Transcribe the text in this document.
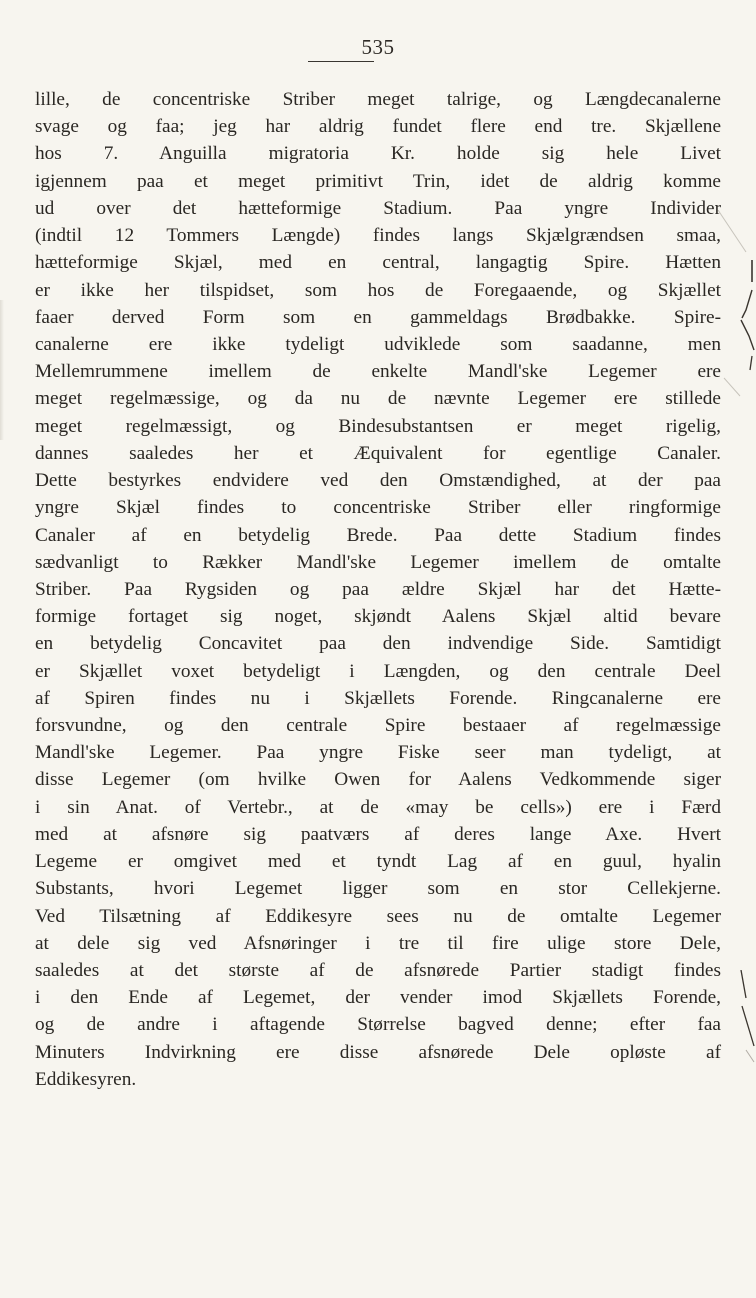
535
lille, de concentriske Striber meget talrige, og Længdecanalerne
svage og faa; jeg har aldrig fundet flere end tre. Skjællene
hos 7. Anguilla migratoria Kr. holde sig hele Livet
igjennem paa et meget primitivt Trin, idet de aldrig komme
ud over det hætteformige Stadium. Paa yngre Individer
(indtil 12 Tommers Længde) findes langs Skjælgrændsen smaa,
hætteformige Skjæl, med en central, langagtig Spire. Hætten
er ikke her tilspidset, som hos de Foregaaende, og Skjællet
faaer derved Form som en gammeldags Brødbakke. Spire-
canalerne ere ikke tydeligt udviklede som saadanne, men
Mellemrummene imellem de enkelte Mandl'ske Legemer ere
meget regelmæssige, og da nu de nævnte Legemer ere stillede
meget regelmæssigt, og Bindesubstantsen er meget rigelig,
dannes saaledes her et Æquivalent for egentlige Canaler.
Dette bestyrkes endvidere ved den Omstændighed, at der paa
yngre Skjæl findes to concentriske Striber eller ringformige
Canaler af en betydelig Brede. Paa dette Stadium findes
sædvanligt to Rækker Mandl'ske Legemer imellem de omtalte
Striber. Paa Rygsiden og paa ældre Skjæl har det Hætte-
formige fortaget sig noget, skjøndt Aalens Skjæl altid bevare
en betydelig Concavitet paa den indvendige Side. Samtidigt
er Skjællet voxet betydeligt i Længden, og den centrale Deel
af Spiren findes nu i Skjællets Forende. Ringcanalerne ere
forsvundne, og den centrale Spire bestaaer af regelmæssige
Mandl'ske Legemer. Paa yngre Fiske seer man tydeligt, at
disse Legemer (om hvilke Owen for Aalens Vedkommende siger
i sin Anat. of Vertebr., at de «may be cells») ere i Færd
med at afsnøre sig paatværs af deres lange Axe. Hvert
Legeme er omgivet med et tyndt Lag af en guul, hyalin
Substants, hvori Legemet ligger som en stor Cellekjerne.
Ved Tilsætning af Eddikesyre sees nu de omtalte Legemer
at dele sig ved Afsnøringer i tre til fire ulige store Dele,
saaledes at det største af de afsnørede Partier stadigt findes
i den Ende af Legemet, der vender imod Skjællets Forende,
og de andre i aftagende Størrelse bagved denne; efter faa
Minuters Indvirkning ere disse afsnørede Dele opløste af
Eddikesyren.
